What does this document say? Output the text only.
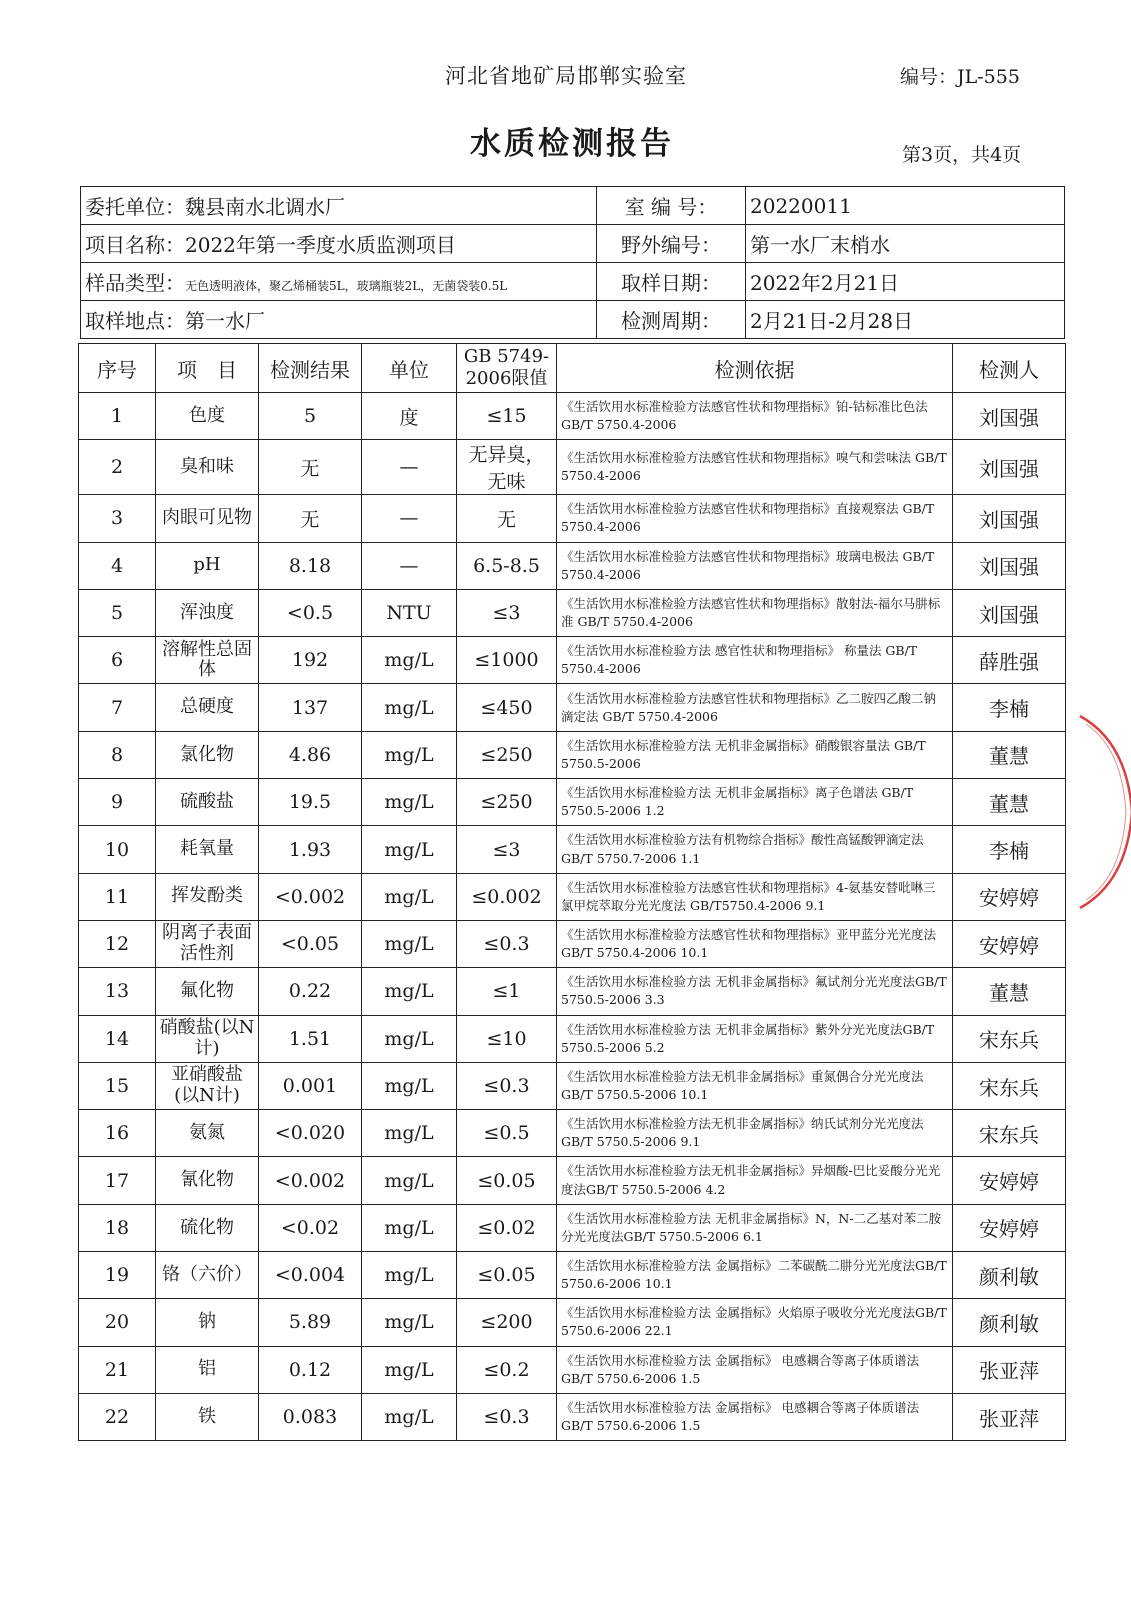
河北省地矿局邯郸实验室	编号：JL-555
水质检测报告	第3页，共4页
委托单位：魏县南水北调水厂	室 编 号：	20220011
项目名称：2022年第一季度水质监测项目	野外编号：	第一水厂末梢水
样品类型：无色透明液体，聚乙烯桶装5L，玻璃瓶装2L，无菌袋装0.5L	取样日期：	2022年2月21日
取样地点：第一水厂	检测周期：	2月21日-2月28日
序号	项　目	检测结果	单位	GB 5749-2006限值	检测依据	检测人
1	色度	5	度	≤15	《生活饮用水标准检验方法感官性状和物理指标》铂-钴标准比色法 GB/T 5750.4-2006	刘国强
2	臭和味	无	—	无异臭，无味	《生活饮用水标准检验方法感官性状和物理指标》嗅气和尝味法 GB/T 5750.4-2006	刘国强
3	肉眼可见物	无	—	无	《生活饮用水标准检验方法感官性状和物理指标》直接观察法 GB/T 5750.4-2006	刘国强
4	pH	8.18	—	6.5-8.5	《生活饮用水标准检验方法感官性状和物理指标》玻璃电极法 GB/T 5750.4-2006	刘国强
5	浑浊度	<0.5	NTU	≤3	《生活饮用水标准检验方法感官性状和物理指标》散射法-福尔马肼标准 GB/T 5750.4-2006	刘国强
6	溶解性总固体	192	mg/L	≤1000	《生活饮用水标准检验方法 感官性状和物理指标》 称量法 GB/T 5750.4-2006	薛胜强
7	总硬度	137	mg/L	≤450	《生活饮用水标准检验方法感官性状和物理指标》乙二胺四乙酸二钠滴定法 GB/T 5750.4-2006	李楠
8	氯化物	4.86	mg/L	≤250	《生活饮用水标准检验方法 无机非金属指标》硝酸银容量法 GB/T 5750.5-2006	董慧
9	硫酸盐	19.5	mg/L	≤250	《生活饮用水标准检验方法 无机非金属指标》离子色谱法 GB/T 5750.5-2006 1.2	董慧
10	耗氧量	1.93	mg/L	≤3	《生活饮用水标准检验方法有机物综合指标》酸性高锰酸钾滴定法 GB/T 5750.7-2006 1.1	李楠
11	挥发酚类	<0.002	mg/L	≤0.002	《生活饮用水标准检验方法感官性状和物理指标》4-氨基安替吡啉三氯甲烷萃取分光光度法 GB/T5750.4-2006 9.1	安婷婷
12	阴离子表面活性剂	<0.05	mg/L	≤0.3	《生活饮用水标准检验方法感官性状和物理指标》亚甲蓝分光光度法GB/T 5750.4-2006 10.1	安婷婷
13	氟化物	0.22	mg/L	≤1	《生活饮用水标准检验方法 无机非金属指标》氟试剂分光光度法GB/T 5750.5-2006 3.3	董慧
14	硝酸盐(以N计)	1.51	mg/L	≤10	《生活饮用水标准检验方法 无机非金属指标》紫外分光光度法GB/T 5750.5-2006 5.2	宋东兵
15	亚硝酸盐(以N计)	0.001	mg/L	≤0.3	《生活饮用水标准检验方法无机非金属指标》重氮偶合分光光度法GB/T 5750.5-2006 10.1	宋东兵
16	氨氮	<0.020	mg/L	≤0.5	《生活饮用水标准检验方法无机非金属指标》纳氏试剂分光光度法GB/T 5750.5-2006 9.1	宋东兵
17	氰化物	<0.002	mg/L	≤0.05	《生活饮用水标准检验方法无机非金属指标》异烟酸-巴比妥酸分光光度法GB/T 5750.5-2006 4.2	安婷婷
18	硫化物	<0.02	mg/L	≤0.02	《生活饮用水标准检验方法 无机非金属指标》N，N-二乙基对苯二胺分光光度法GB/T 5750.5-2006 6.1	安婷婷
19	铬（六价）	<0.004	mg/L	≤0.05	《生活饮用水标准检验方法 金属指标》二苯碳酰二肼分光光度法GB/T 5750.6-2006 10.1	颜利敏
20	钠	5.89	mg/L	≤200	《生活饮用水标准检验方法 金属指标》火焰原子吸收分光光度法GB/T 5750.6-2006 22.1	颜利敏
21	铝	0.12	mg/L	≤0.2	《生活饮用水标准检验方法 金属指标》 电感耦合等离子体质谱法 GB/T 5750.6-2006 1.5	张亚萍
22	铁	0.083	mg/L	≤0.3	《生活饮用水标准检验方法 金属指标》 电感耦合等离子体质谱法 GB/T 5750.6-2006 1.5	张亚萍
